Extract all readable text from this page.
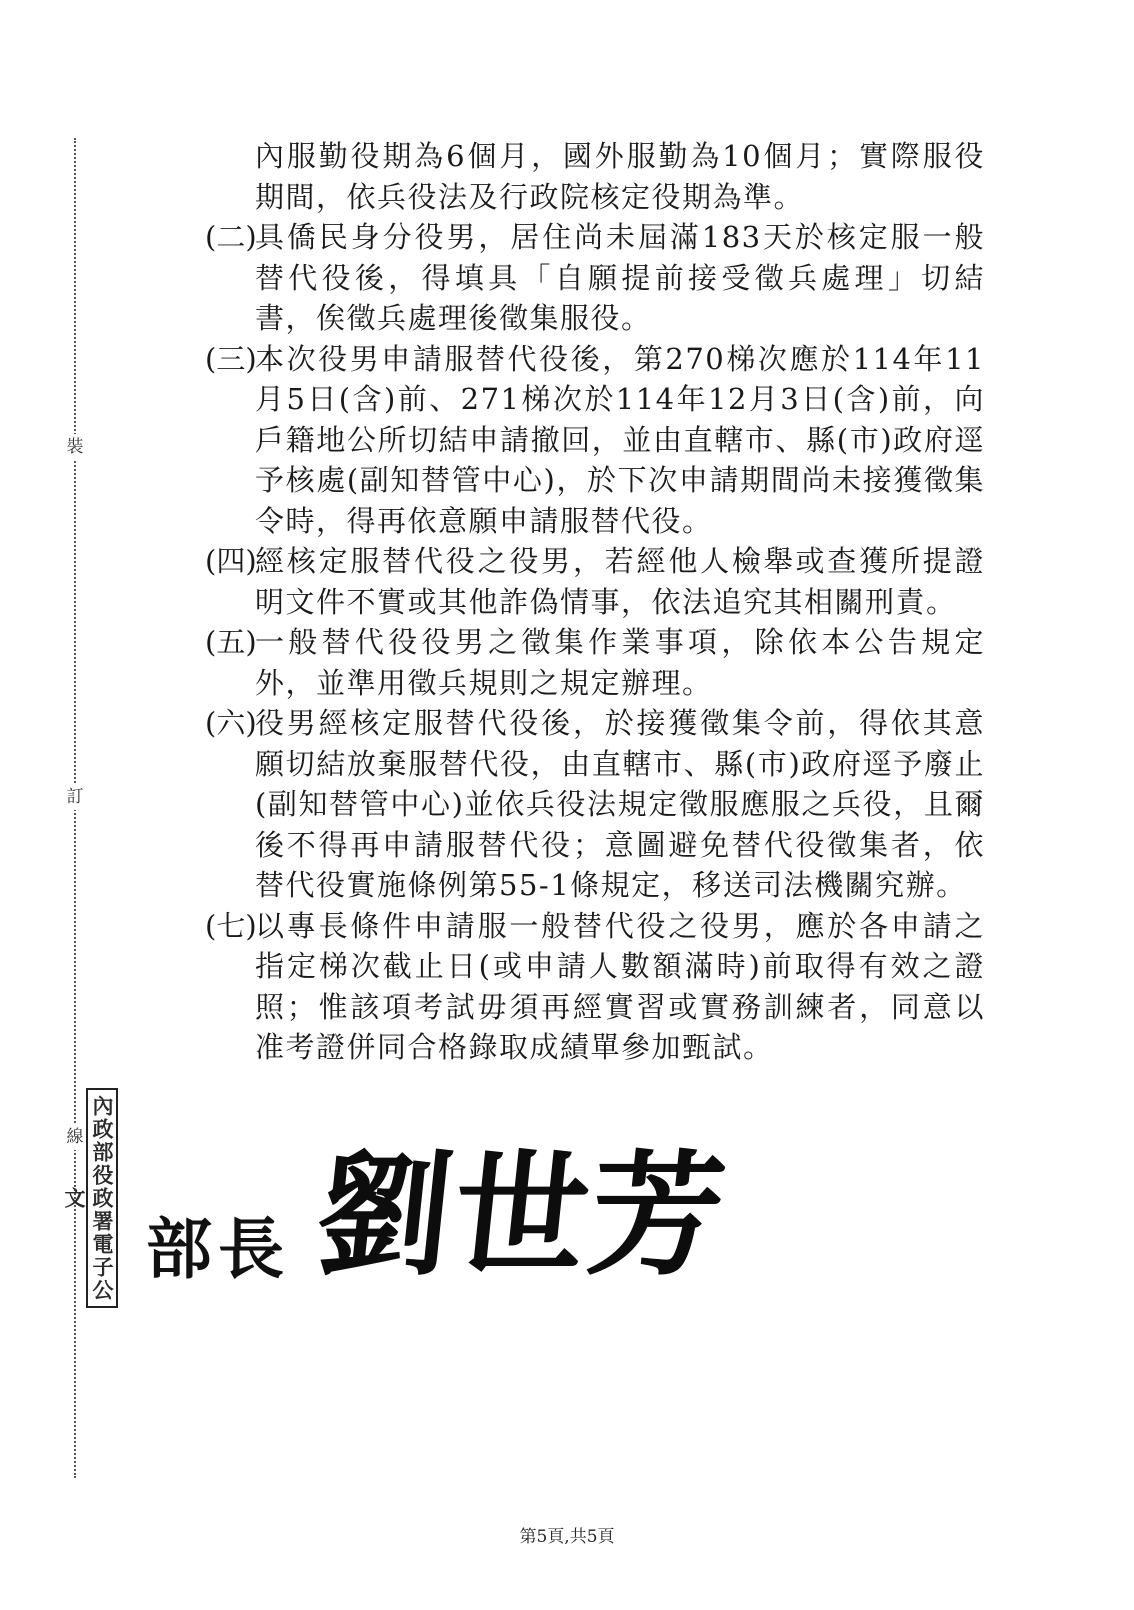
裝
訂
線 內政部役政署電子公文

內服勤役期為6個月，國外服勤為10個月；實際服役期間，依兵役法及行政院核定役期為準。

(二)
具僑民身分役男，居住尚未屆滿183天於核定服一般替代役後，得填具「自願提前接受徵兵處理」切結書，俟徵兵處理後徵集服役。
(三)
本次役男申請服替代役後，第270梯次應於114年11月5日(含)前、271梯次於114年12月3日(含)前，向戶籍地公所切結申請撤回，並由直轄市、縣(市)政府逕予核處(副知替管中心)，於下次申請期間尚未接獲徵集令時，得再依意願申請服替代役。
(四)
經核定服替代役之役男，若經他人檢舉或查獲所提證明文件不實或其他詐偽情事，依法追究其相關刑責。
(五)
一般替代役役男之徵集作業事項，除依本公告規定外，並準用徵兵規則之規定辦理。
(六)
役男經核定服替代役後，於接獲徵集令前，得依其意願切結放棄服替代役，由直轄市、縣(市)政府逕予廢止(副知替管中心)並依兵役法規定徵服應服之兵役，且爾後不得再申請服替代役；意圖避免替代役徵集者，依替代役實施條例第55-1條規定，移送司法機關究辦。
(七)
以專長條件申請服一般替代役之役男，應於各申請之指定梯次截止日(或申請人數額滿時)前取得有效之證照；惟該項考試毋須再經實習或實務訓練者，同意以准考證併同合格錄取成績單參加甄試。
部長 劉世芳
第5頁,共5頁
